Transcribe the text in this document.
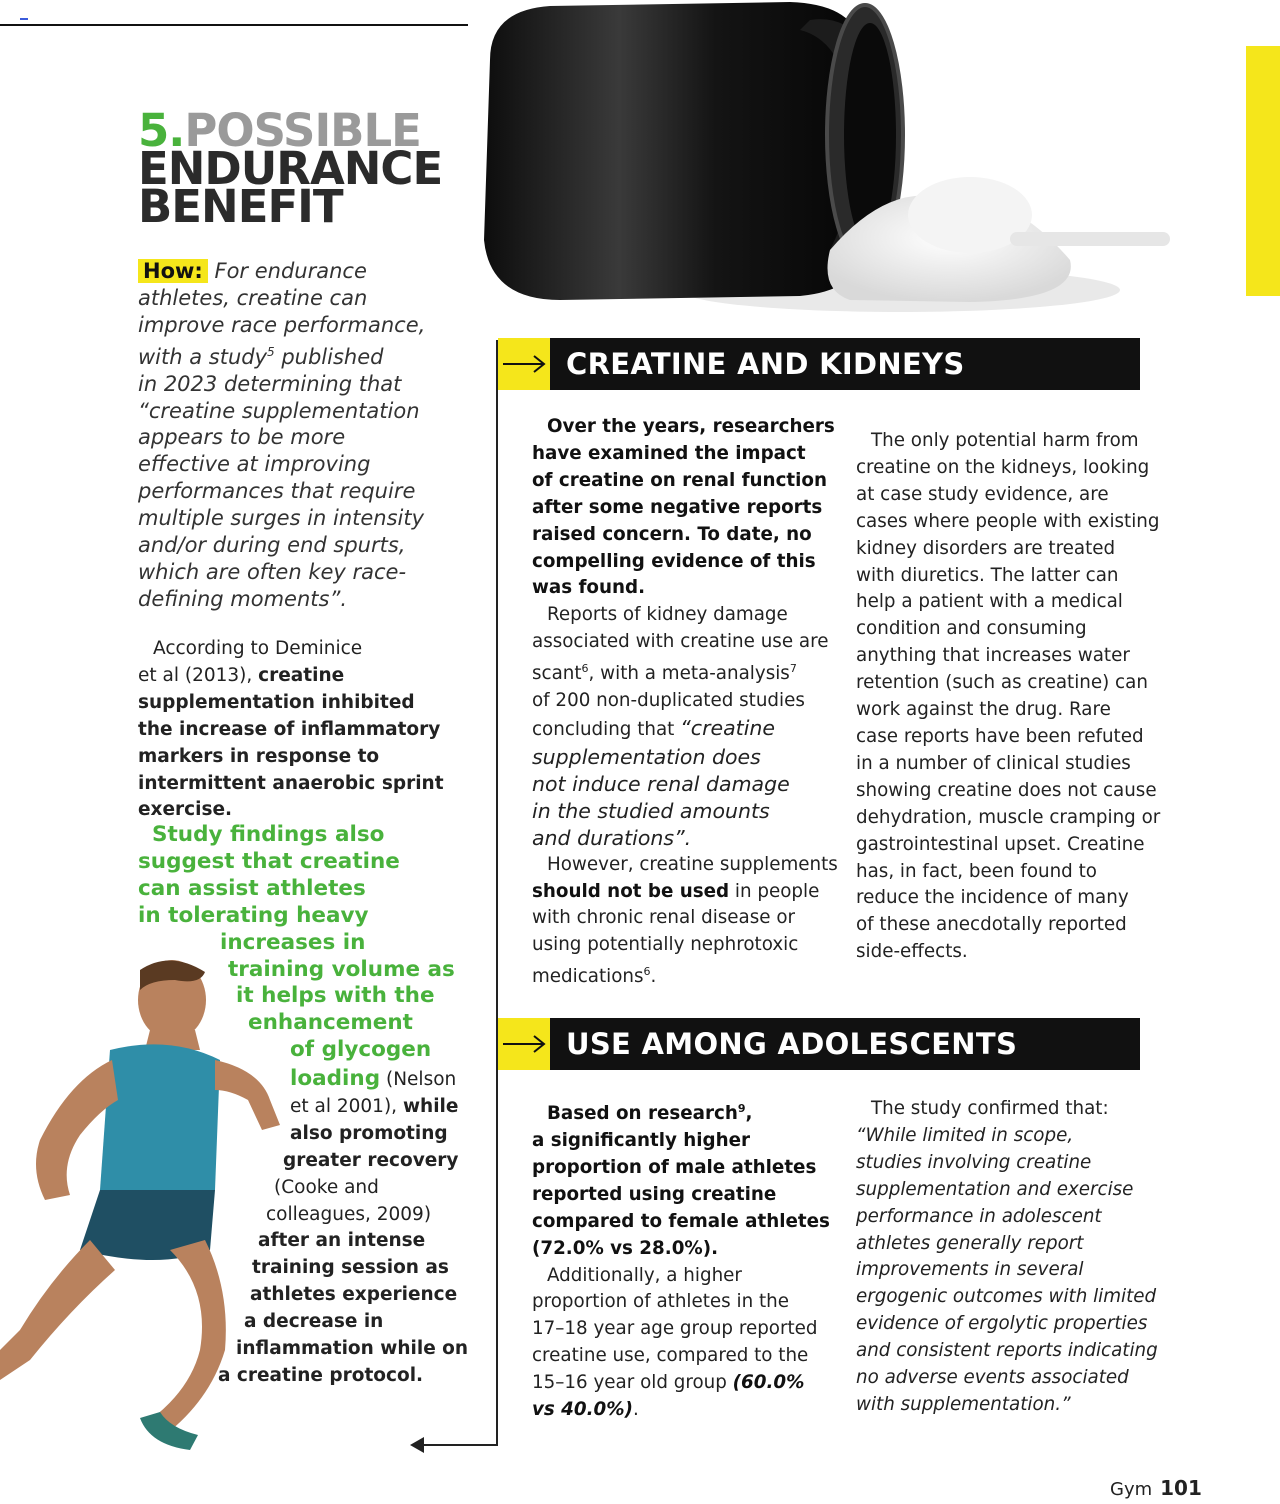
5.POSSIBLE
ENDURANCE
BENEFIT
How: For endurance
athletes, creatine can
improve race performance,
with a study$^5$ published
in 2023 determining that
“creatine supplementation
appears to be more
effective at improving
performances that require
multiple surges in intensity
and/or during end spurts,
which are often key race-
defining moments”.
According to Deminice
et al (2013), creatine
supplementation inhibited
the increase of inflammatory
markers in response to
intermittent anaerobic sprint
exercise.
Study findings also
suggest that creatine
can assist athletes
in tolerating heavy
increases in
training volume as
it helps with the
enhancement
of glycogen
loading (Nelson
et al 2001), while
also promoting
greater recovery
(Cooke and
colleagues, 2009)
after an intense
training session as
athletes experience
a decrease in
inflammation while on
a creatine protocol.
CREATINE AND KIDNEYS
Over the years, researchers
have examined the impact
of creatine on renal function
after some negative reports
raised concern. To date, no
compelling evidence of this
was found.
Reports of kidney damage
associated with creatine use are
scant$^6$, with a meta-analysis$^7$
of 200 non-duplicated studies
concluding that “creatine
supplementation does
not induce renal damage
in the studied amounts
and durations”.
However, creatine supplements
should not be used in people
with chronic renal disease or
using potentially nephrotoxic
medications$^6$.
The only potential harm from
creatine on the kidneys, looking
at case study evidence, are
cases where people with existing
kidney disorders are treated
with diuretics. The latter can
help a patient with a medical
condition and consuming
anything that increases water
retention (such as creatine) can
work against the drug. Rare
case reports have been refuted
in a number of clinical studies
showing creatine does not cause
dehydration, muscle cramping or
gastrointestinal upset. Creatine
has, in fact, been found to
reduce the incidence of many
of these anecdotally reported
side-effects.
USE AMONG ADOLESCENTS
Based on research$^9$,
a significantly higher
proportion of male athletes
reported using creatine
compared to female athletes
(72.0% vs 28.0%).
Additionally, a higher
proportion of athletes in the
17–18 year age group reported
creatine use, compared to the
15–16 year old group (60.0%
vs 40.0%).
The study confirmed that:
“While limited in scope,
studies involving creatine
supplementation and exercise
performance in adolescent
athletes generally report
improvements in several
ergogenic outcomes with limited
evidence of ergolytic properties
and consistent reports indicating
no adverse events associated
with supplementation.”
Gym 101
